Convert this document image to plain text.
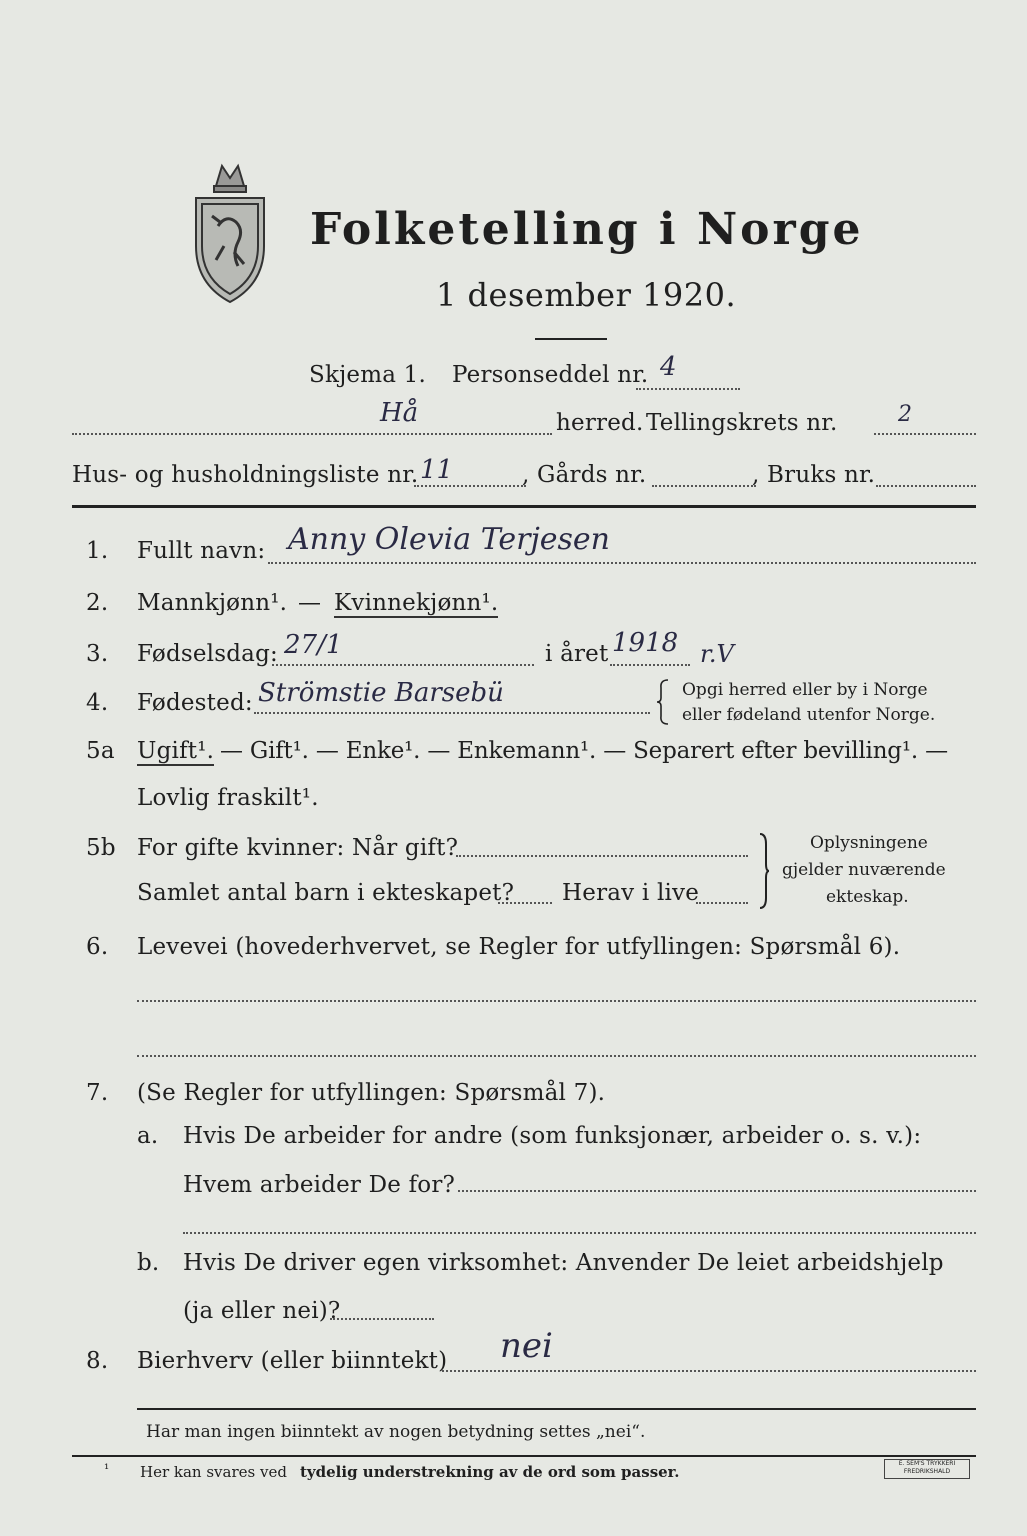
Folketelling i Norge
1 desember 1920.
Skjema 1. Personseddel nr. 4
Hå	herred. Tellingskrets nr.	2
Hus- og husholdningsliste nr. 11	, Gårds nr.	, Bruks nr.
1. Fullt navn: Anny Olevia Terjesen
2. Mannkjønn¹. — Kvinnekjønn¹.
3. Fødselsdag: 27/1	i året 1918 r.V
4. Fødested: Strömstie Barsebü	Opgi herred eller by i Norge
eller fødeland utenfor Norge.
5a Ugift¹. — Gift¹. — Enke¹. — Enkemann¹. — Separert efter bevilling¹. —
Lovlig fraskilt¹.
5b For gifte kvinner: Når gift?
Samlet antal barn i ekteskapet? Herav i live
Oplysningene
gjelder nuværende
ekteskap.
6. Levevei (hovederhvervet, se Regler for utfyllingen: Spørsmål 6).
7. (Se Regler for utfyllingen: Spørsmål 7).
a. Hvis De arbeider for andre (som funksjonær, arbeider o. s. v.):
Hvem arbeider De for?
b. Hvis De driver egen virksomhet: Anvender De leiet arbeidshjelp
(ja eller nei)?
8. Bierhverv (eller biinntekt) nei
Har man ingen biinntekt av nogen betydning settes „nei“.
¹ Her kan svares ved tydelig understrekning av de ord som passer.	E. SEM'S TRYKKERI FREDRIKSHALD
